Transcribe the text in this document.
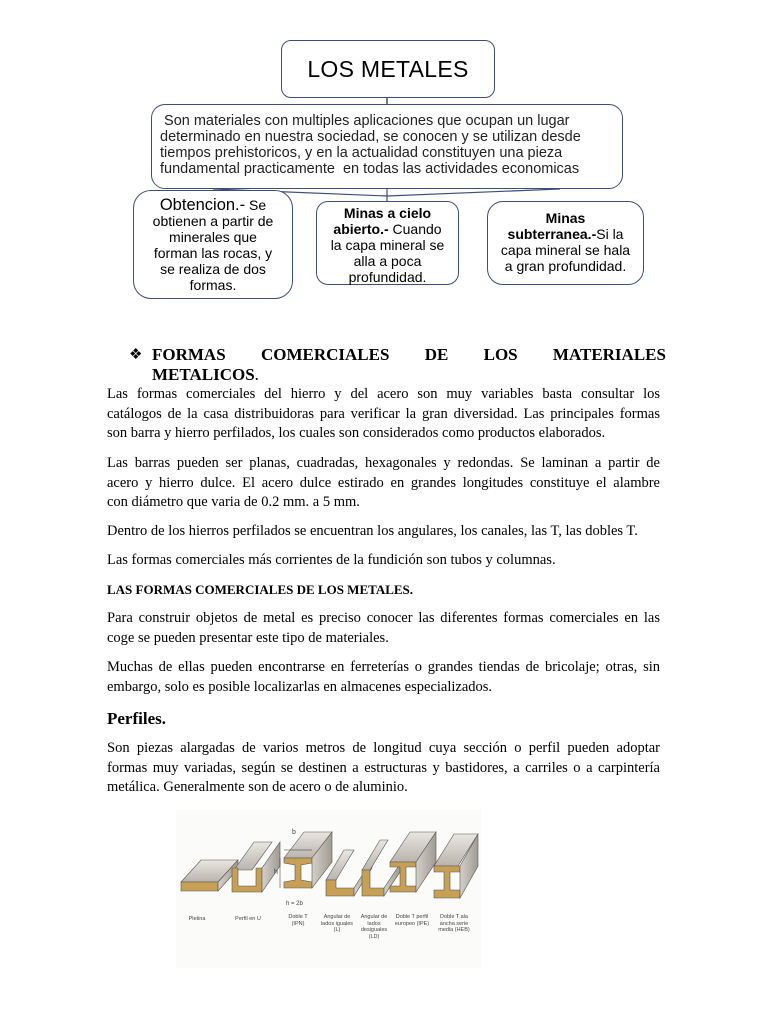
LOS METALES
Son materiales con multiples aplicaciones que ocupan un lugar
determinado en nuestra sociedad, se conocen y se utilizan desde
tiempos prehistoricos, y en la actualidad constituyen una pieza
fundamental practicamente  en todas las actividades economicas
Obtencion.- Se
obtienen a partir de
minerales que
forman las rocas, y
se realiza de dos
formas.
Minas a cielo
abierto.- Cuando
la capa mineral se
alla a poca
profundidad.
Minas
subterranea.-Si la
capa mineral se hala
a gran profundidad.
❖ FORMAS COMERCIALES DE LOS MATERIALES
METALICOS.

Las formas comerciales del hierro y del acero son muy variables basta consultar los
catálogos de la casa distribuidoras para verificar la gran diversidad. Las principales formas
son barra y hierro perfilados, los cuales son considerados como productos elaborados.

Las barras pueden ser planas, cuadradas, hexagonales y redondas. Se laminan a partir de
acero y hierro dulce. El acero dulce estirado en grandes longitudes constituye el alambre
con diámetro que varia de 0.2 mm. a 5 mm.

Dentro de los hierros perfilados se encuentran los angulares, los canales, las T, las dobles T.

Las formas comerciales más corrientes de la fundición son tubos y columnas.

LAS FORMAS COMERCIALES DE LOS METALES.

Para construir objetos de metal es preciso conocer las diferentes formas comerciales en las
coge se pueden presentar este tipo de materiales.

Muchas de ellas pueden encontrarse en ferreterías o grandes tiendas de bricolaje; otras, sin
embargo, solo es posible localizarlas en almacenes especializados.

Perfiles.

Son piezas alargadas de varios metros de longitud cuya sección o perfil pueden adoptar
formas muy variadas, según se destinen a estructuras y bastidores, a carriles o a carpintería
metálica. Generalmente son de acero o de aluminio.

b
h
h = 2b
Pletina	Perfil en U	Doble T
(IPN)
Angular de
lados iguales
(L)
Angular de
lados
desiguales
(LD)
Doble T perfil
europeo (IPE)
Doble T ala
ancha serie
media (HEB)
